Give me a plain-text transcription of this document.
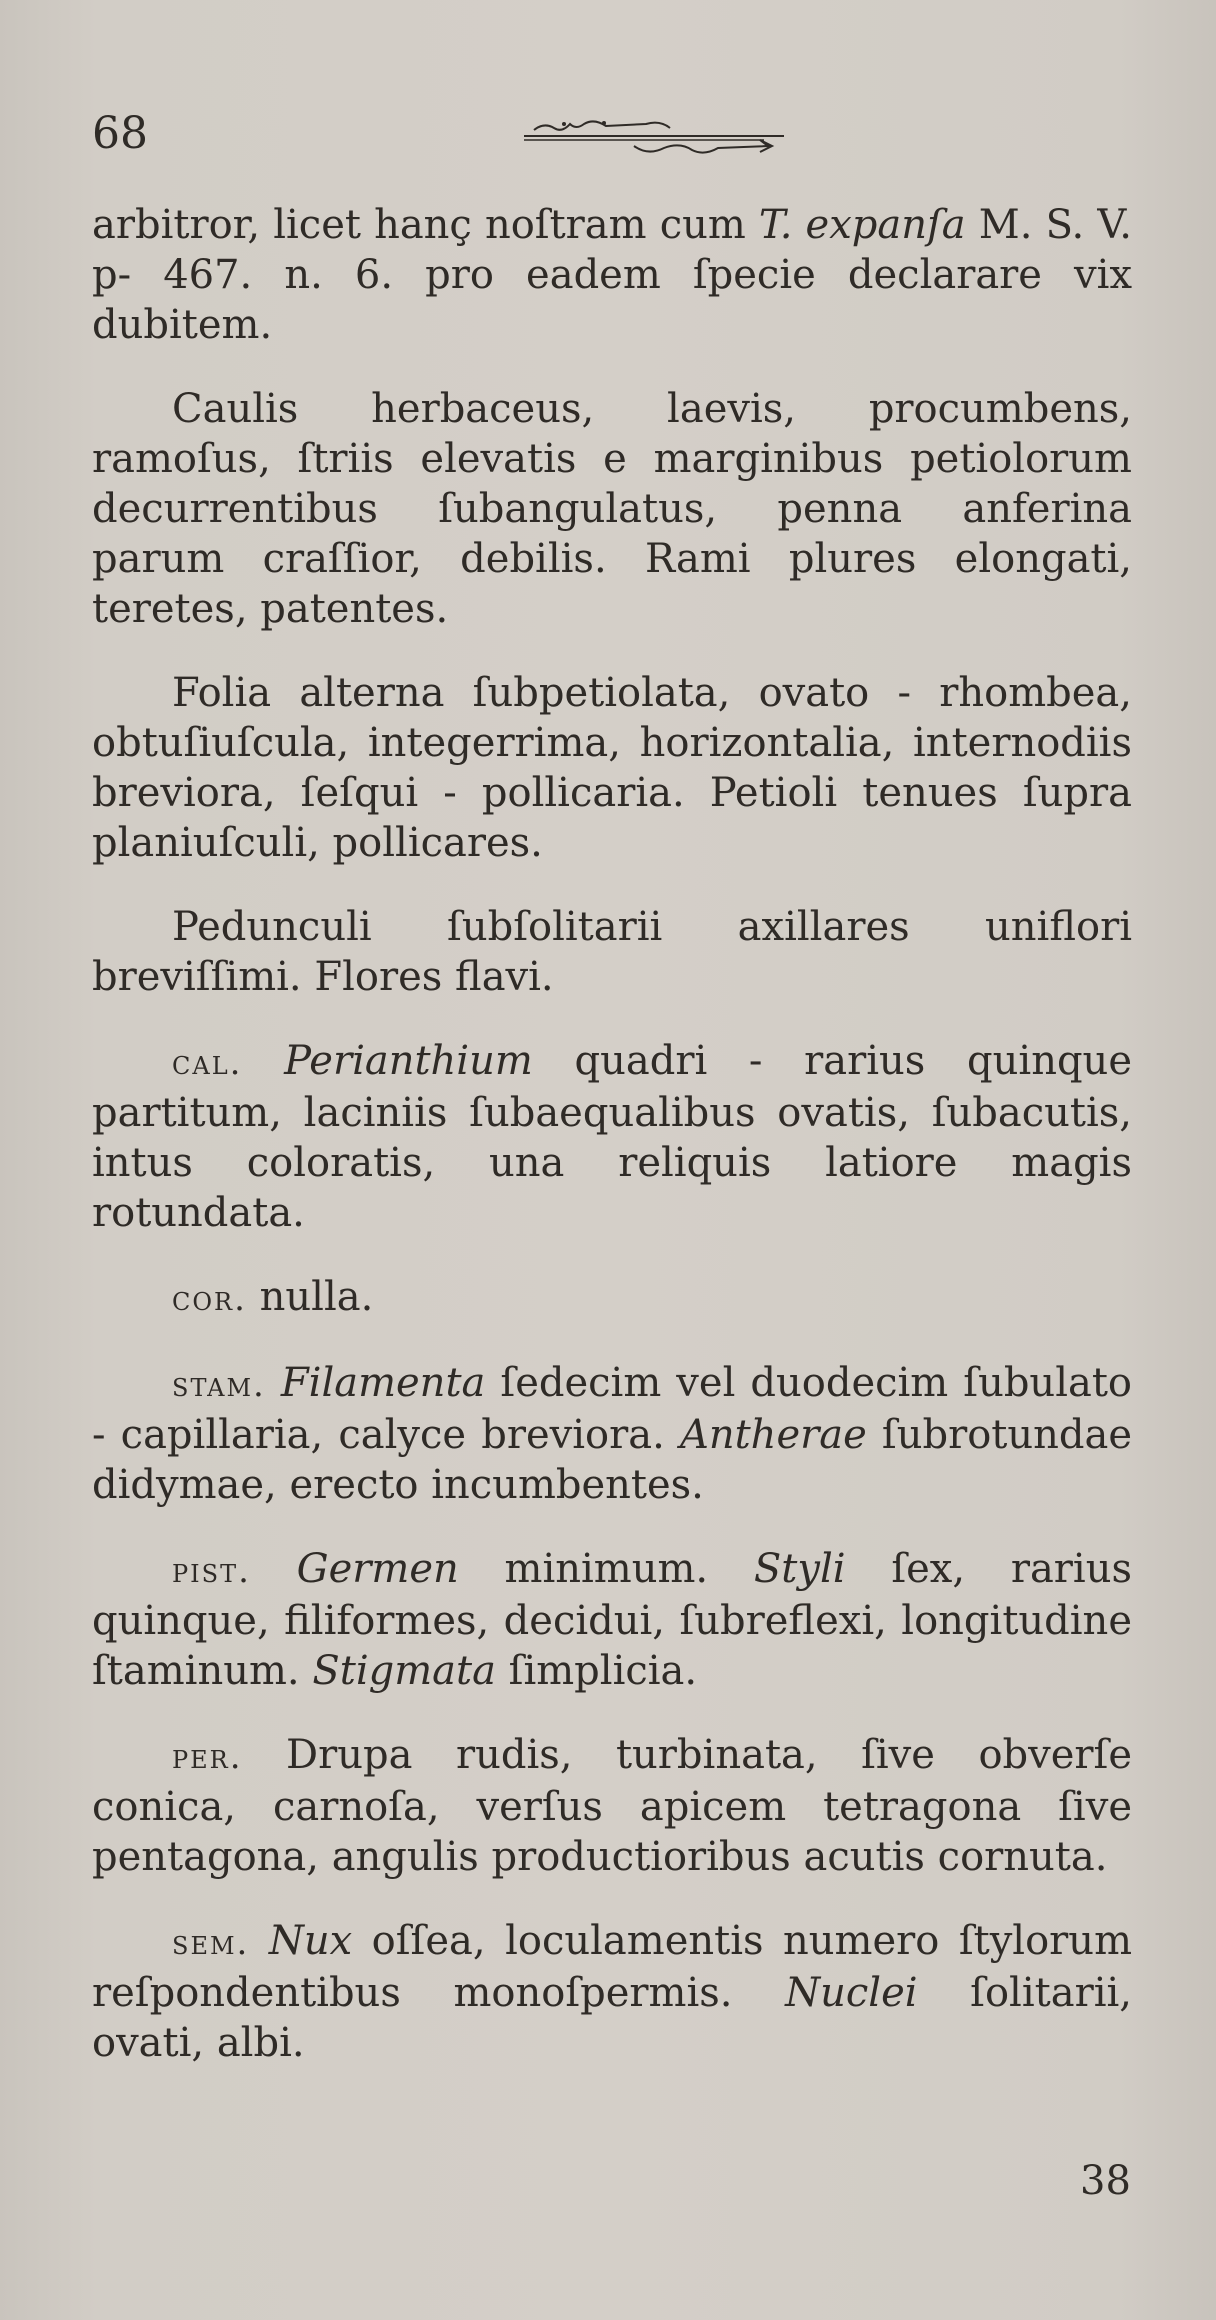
68

arbitror, licet hanç noſtram cum T. expanſa M. S. V. p- 467. n. 6. pro eadem ſpecie declarare vix dubitem.

Caulis herbaceus, laevis, procumbens, ramoſus, ſtriis elevatis e marginibus petiolorum decurrentibus ſubangulatus, penna anferina parum craſſior, debilis. Rami plures elongati, teretes, patentes.

Folia alterna ſubpetiolata, ovato - rhombea, obtuſiuſcula, integerrima, horizontalia, internodiis breviora, ſeſqui - pollicaria. Petioli tenues ſupra planiuſculi, pollicares.

Pedunculi ſubſolitarii axillares uniflori breviſſimi. Flores flavi.

cal. Perianthium quadri - rarius quinque partitum, laciniis ſubaequalibus ovatis, ſubacutis, intus coloratis, una reliquis latiore magis rotundata.

cor. nulla.

stam. Filamenta ſedecim vel duodecim ſubulato - capillaria, calyce breviora. Antherae ſubrotundae didymae, erecto incumbentes.

pist. Germen minimum. Styli ſex, rarius quinque, filiformes, decidui, ſubreflexi, longitudine ſtaminum. Stigmata ſimplicia.

per. Drupa rudis, turbinata, ſive obverſe conica, carnoſa, verſus apicem tetragona ſive pentagona, angulis productioribus acutis cornuta.

sem. Nux oſſea, loculamentis numero ſtylorum reſpondentibus monoſpermis. Nuclei ſolitarii, ovati, albi.

38
